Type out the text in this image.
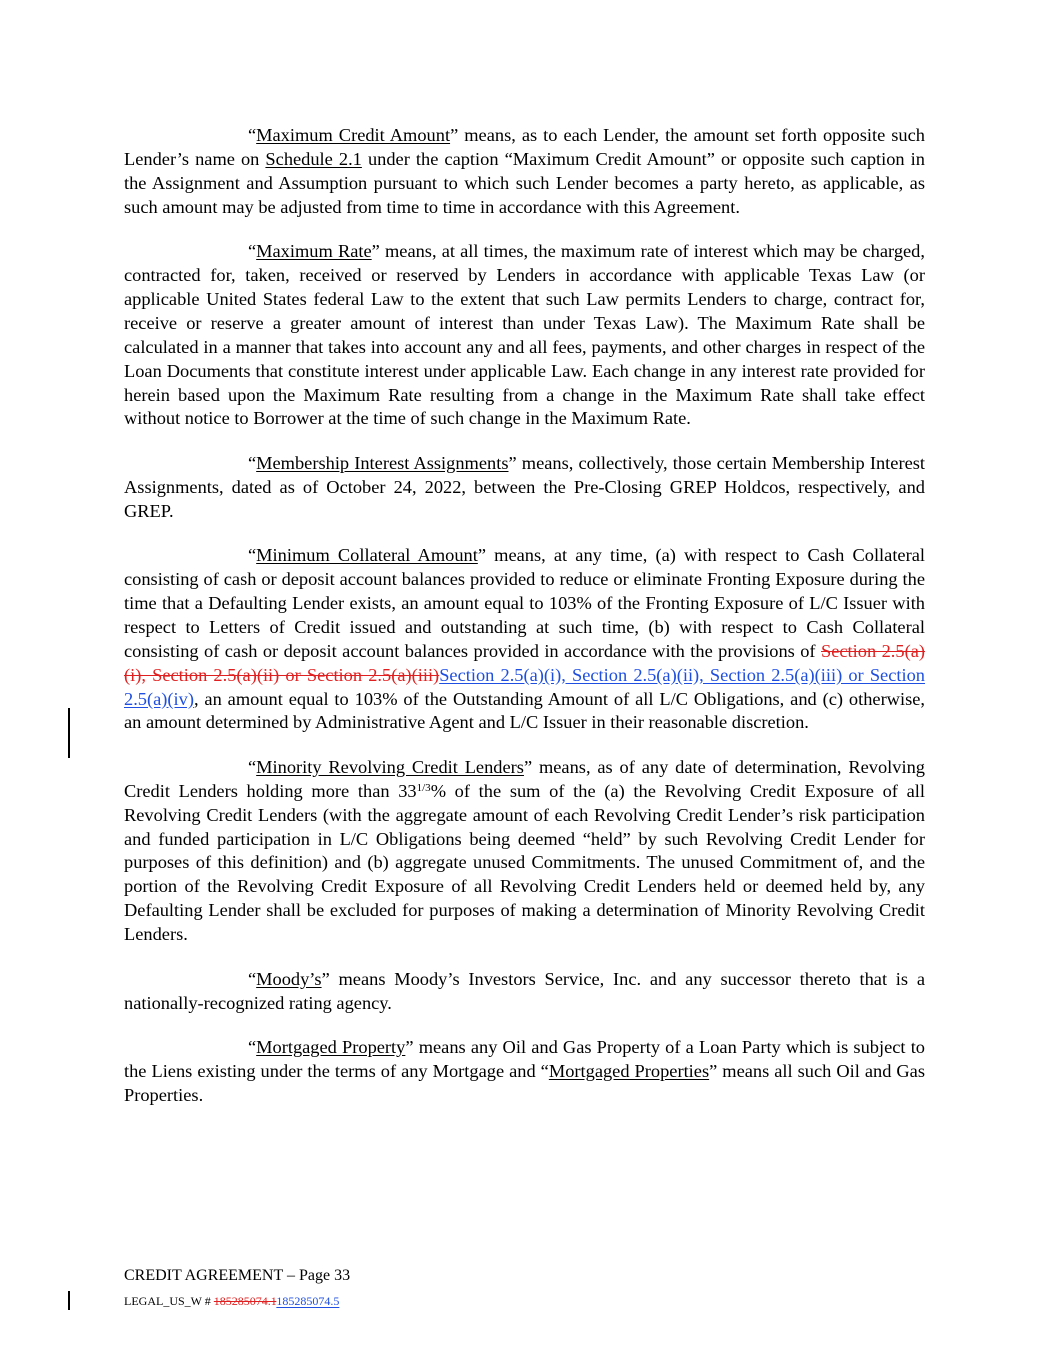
“Maximum Credit Amount” means, as to each Lender, the amount set forth opposite such Lender’s name on Schedule 2.1 under the caption “Maximum Credit Amount” or opposite such caption in the Assignment and Assumption pursuant to which such Lender becomes a party hereto, as applicable, as such amount may be adjusted from time to time in accordance with this Agreement.

“Maximum Rate” means, at all times, the maximum rate of interest which may be charged, contracted for, taken, received or reserved by Lenders in accordance with applicable Texas Law (or applicable United States federal Law to the extent that such Law permits Lenders to charge, contract for, receive or reserve a greater amount of interest than under Texas Law). The Maximum Rate shall be calculated in a manner that takes into account any and all fees, payments, and other charges in respect of the Loan Documents that constitute interest under applicable Law. Each change in any interest rate provided for herein based upon the Maximum Rate resulting from a change in the Maximum Rate shall take effect without notice to Borrower at the time of such change in the Maximum Rate.

“Membership Interest Assignments” means, collectively, those certain Membership Interest Assignments, dated as of October 24, 2022, between the Pre-Closing GREP Holdcos, respectively, and GREP.

“Minimum Collateral Amount” means, at any time, (a) with respect to Cash Collateral consisting of cash or deposit account balances provided to reduce or eliminate Fronting Exposure during the time that a Defaulting Lender exists, an amount equal to 103% of the Fronting Exposure of L/C Issuer with respect to Letters of Credit issued and outstanding at such time, (b) with respect to Cash Collateral consisting of cash or deposit account balances provided in accordance with the provisions of Section 2.5(a)(i), Section 2.5(a)(ii) or Section 2.5(a)(iii)Section 2.5(a)(i), Section 2.5(a)(ii), Section 2.5(a)(iii) or Section 2.5(a)(iv), an amount equal to 103% of the Outstanding Amount of all L/C Obligations, and (c) otherwise, an amount determined by Administrative Agent and L/C Issuer in their reasonable discretion.

“Minority Revolving Credit Lenders” means, as of any date of determination, Revolving Credit Lenders holding more than $33^{1/3}\%$ of the sum of the (a) the Revolving Credit Exposure of all Revolving Credit Lenders (with the aggregate amount of each Revolving Credit Lender’s risk participation and funded participation in L/C Obligations being deemed “held” by such Revolving Credit Lender for purposes of this definition) and (b) aggregate unused Commitments. The unused Commitment of, and the portion of the Revolving Credit Exposure of all Revolving Credit Lenders held or deemed held by, any Defaulting Lender shall be excluded for purposes of making a determination of Minority Revolving Credit Lenders.

“Moody’s” means Moody’s Investors Service, Inc. and any successor thereto that is a nationally-recognized rating agency.

“Mortgaged Property” means any Oil and Gas Property of a Loan Party which is subject to the Liens existing under the terms of any Mortgage and “Mortgaged Properties” means all such Oil and Gas Properties.

CREDIT AGREEMENT – Page 33
LEGAL_US_W # 185285074.1185285074.5
